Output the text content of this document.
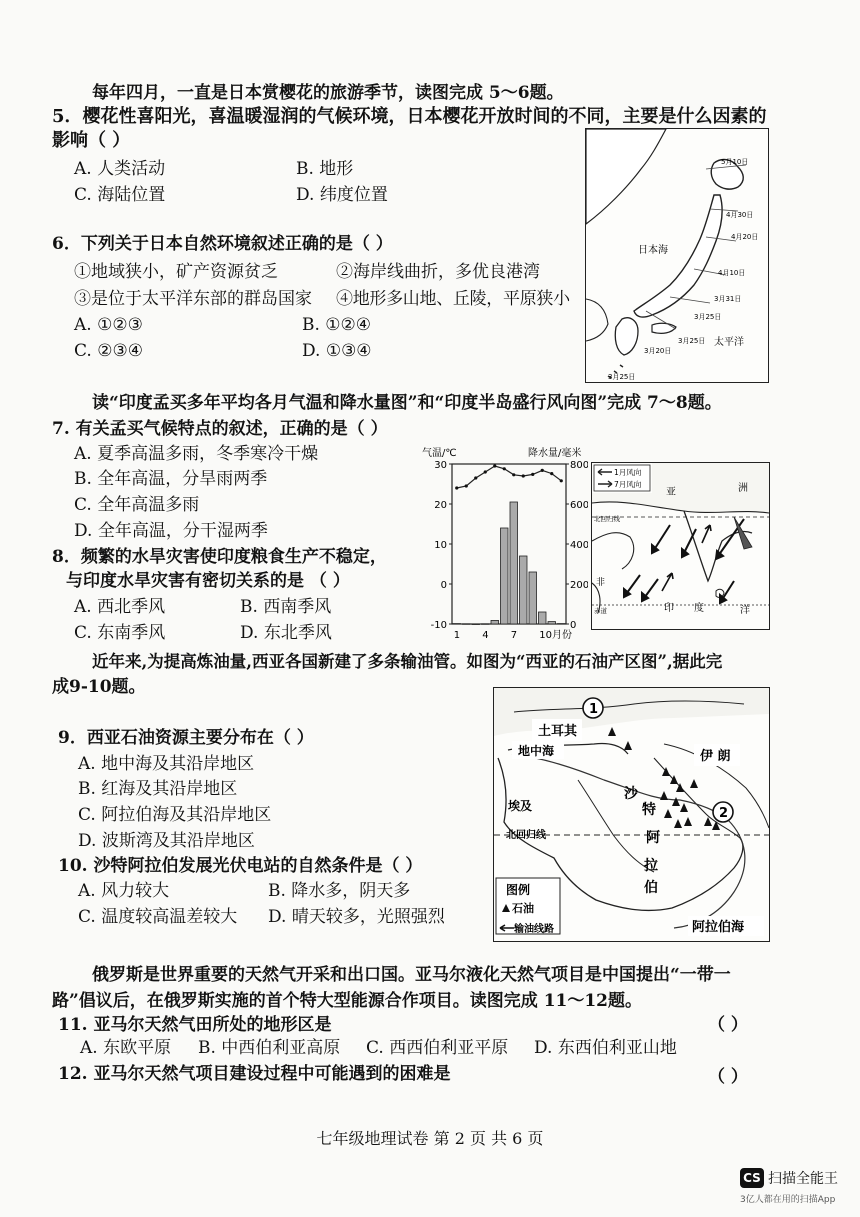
每年四月，一直是日本赏樱花的旅游季节，读图完成 5～6题。
5．樱花性喜阳光，喜温暖湿润的气候环境，日本樱花开放时间的不同，主要是什么因素的
影响（ ）
A. 人类活动	B. 地形
C. 海陆位置	D. 纬度位置
6．下列关于日本自然环境叙述正确的是（ ）
①地域狭小，矿产资源贫乏	②海岸线曲折，多优良港湾
③是位于太平洋东部的群岛国家 ④地形多山地、丘陵，平原狭小
A. ①②③	B. ①②④
C. ②③④	D. ①③④
5月10日
4月30日
4月20日
4月10日
3月31日
3月25日
3月25日
3月20日
3月25日
日本海
太平洋
读“印度孟买多年平均各月气温和降水量图”和“印度半岛盛行风向图”完成 7～8题。
7. 有关孟买气候特点的叙述，正确的是（ ）
A. 夏季高温多雨，冬季寒冷干燥
B. 全年高温，分旱雨两季
C. 全年高温多雨
D. 全年高温，分干湿两季
8．频繁的水旱灾害使印度粮食生产不稳定，
与印度水旱灾害有密切关系的是 （ ）
A. 西北季风	B. 西南季风
C. 东南季风	D. 东北季风
气温/℃	降水量/毫米
30
20
10
0
-10
800
600
400
200
0
1 4 7 10月份
1月风向
7月风向
亚	洲
北回归线
非
赤道	印 度	洋
近年来,为提高炼油量,西亚各国新建了多条输油管。如图为“西亚的石油产区图”,据此完
成9-10题。
9．西亚石油资源主要分布在（ ）
A. 地中海及其沿岸地区
B. 红海及其沿岸地区
C. 阿拉伯海及其沿岸地区
D. 波斯湾及其沿岸地区
10. 沙特阿拉伯发展光伏电站的自然条件是（ ）
A. 风力较大	B. 降水多，阴天多
C. 温度较高温差较大 D. 晴天较多，光照强烈
1
2
土耳其
地中海	伊 朗
沙
特
阿
拉
伯
埃及
北回归线
图例
石油
输油线路	阿拉伯海
俄罗斯是世界重要的天然气开采和出口国。亚马尔液化天然气项目是中国提出“一带一
路”倡议后，在俄罗斯实施的首个特大型能源合作项目。读图完成 11～12题。
11. 亚马尔天然气田所处的地形区是	（ ）
A. 东欧平原 B. 中西伯利亚高原 C. 西西伯利亚平原 D. 东西伯利亚山地
12. 亚马尔天然气项目建设过程中可能遇到的困难是	（ ）
七年级地理试卷 第 2 页 共 6 页
CS 扫描全能王
3亿人都在用的扫描App
